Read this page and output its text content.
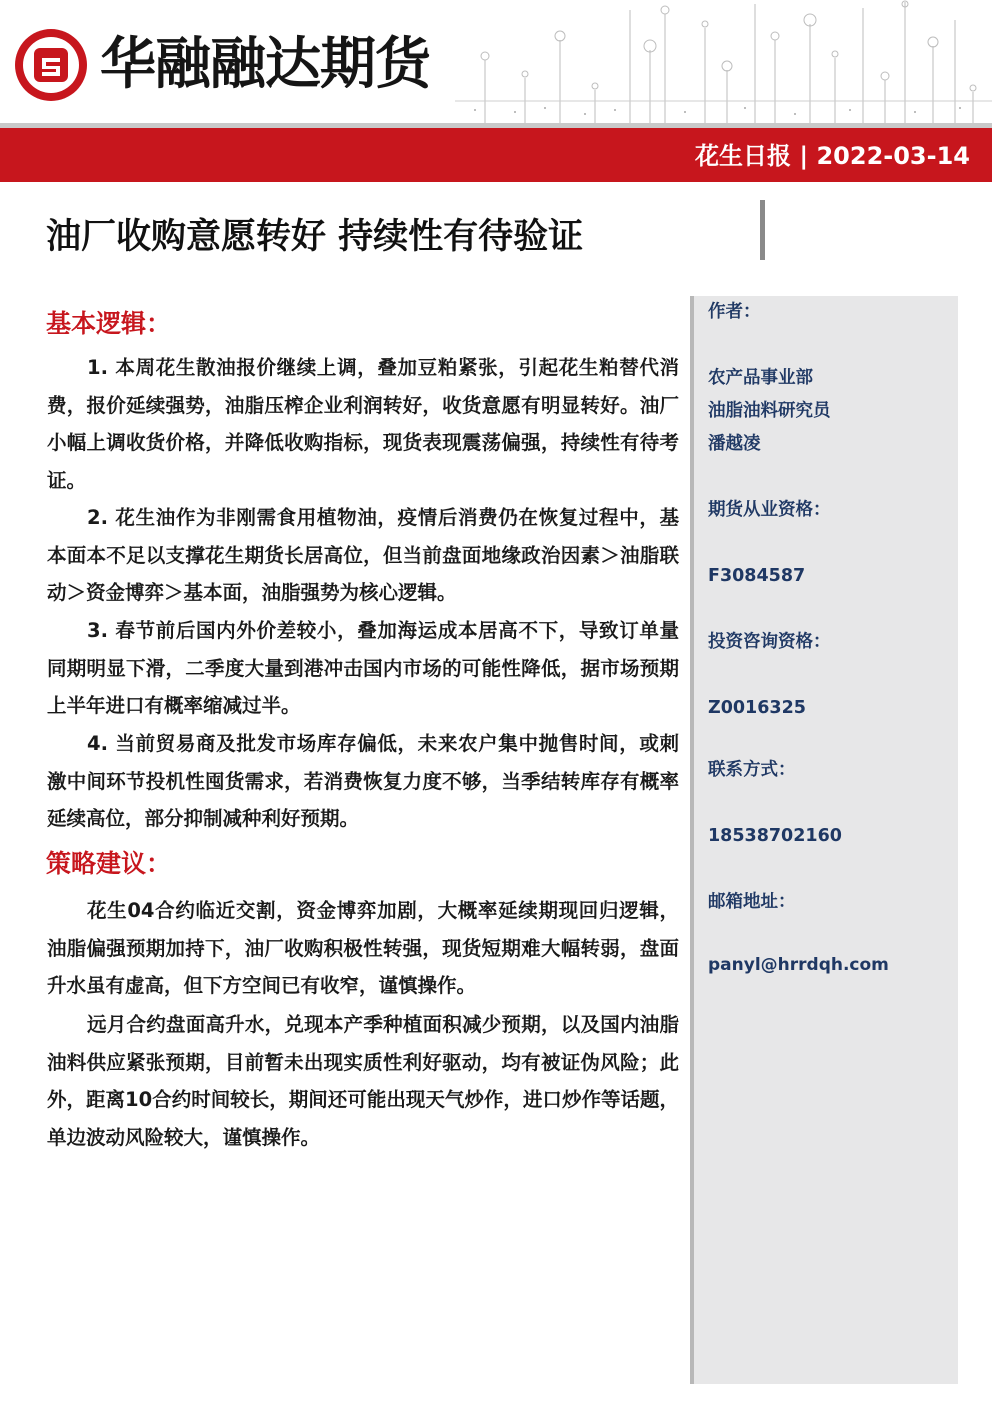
华融融达期货
花生日报 | 2022-03-14
油厂收购意愿转好 持续性有待验证
基本逻辑：

1. 本周花生散油报价继续上调，叠加豆粕紧张，引起花生粕替代消费，报价延续强势，油脂压榨企业利润转好，收货意愿有明显转好。油厂小幅上调收货价格，并降低收购指标，现货表现震荡偏强，持续性有待考证。

2. 花生油作为非刚需食用植物油，疫情后消费仍在恢复过程中，基本面本不足以支撑花生期货长居高位，但当前盘面地缘政治因素＞油脂联动＞资金博弈＞基本面，油脂强势为核心逻辑。

3. 春节前后国内外价差较小，叠加海运成本居高不下，导致订单量同期明显下滑，二季度大量到港冲击国内市场的可能性降低，据市场预期上半年进口有概率缩减过半。

4. 当前贸易商及批发市场库存偏低，未来农户集中抛售时间，或刺激中间环节投机性囤货需求，若消费恢复力度不够，当季结转库存有概率延续高位，部分抑制减种利好预期。

策略建议：

花生04合约临近交割，资金博弈加剧，大概率延续期现回归逻辑，油脂偏强预期加持下，油厂收购积极性转强，现货短期难大幅转弱，盘面升水虽有虚高，但下方空间已有收窄，谨慎操作。

远月合约盘面高升水，兑现本产季种植面积减少预期，以及国内油脂油料供应紧张预期，目前暂未出现实质性利好驱动，均有被证伪风险；此外，距离10合约时间较长，期间还可能出现天气炒作，进口炒作等话题，单边波动风险较大，谨慎操作。

作者：
农产品事业部
油脂油料研究员
潘越凌
期货从业资格：
F3084587
投资咨询资格：
Z0016325
联系方式：
18538702160
邮箱地址：
panyl@hrrdqh.com
